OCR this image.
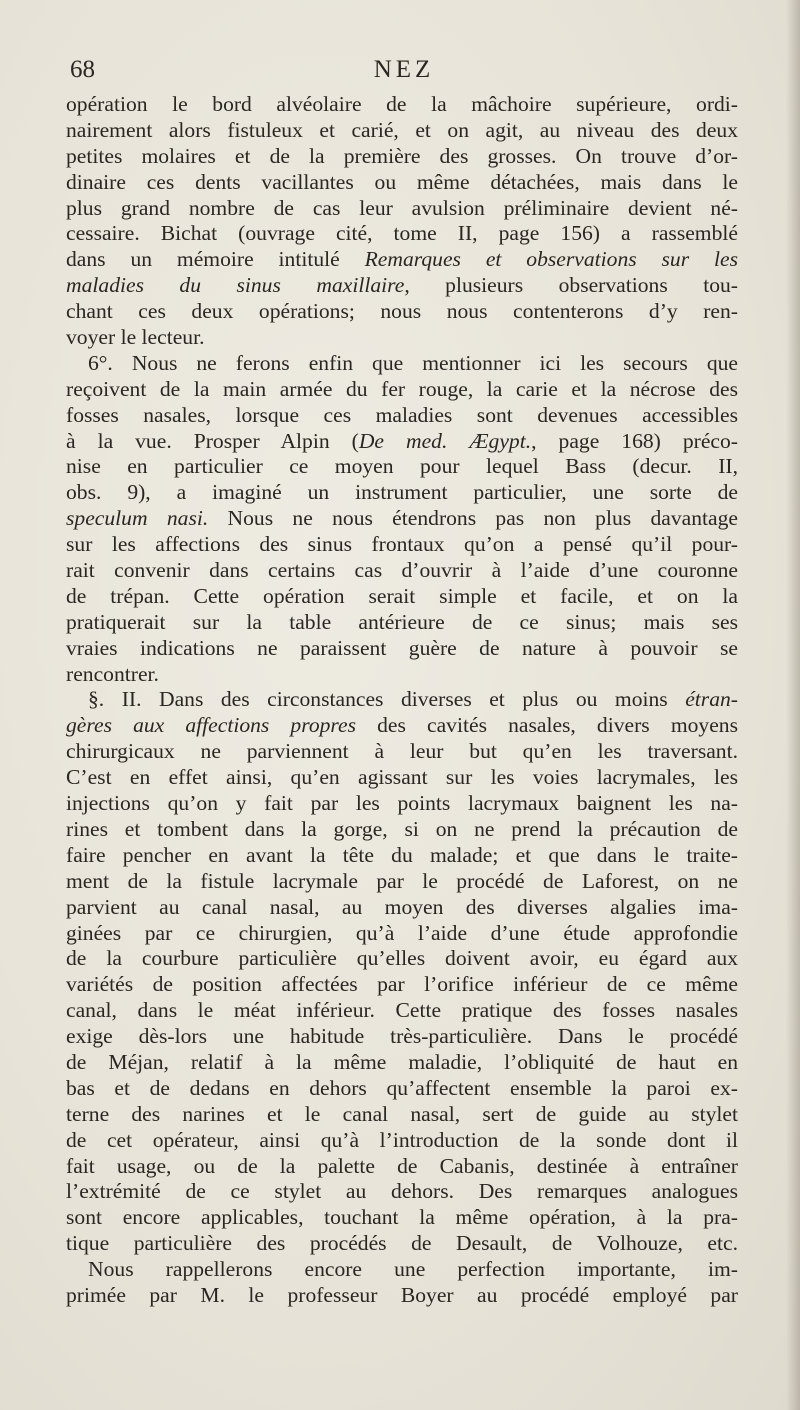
68	NEZ
opération le bord alvéolaire de la mâchoire supérieure, ordi-
nairement alors fistuleux et carié, et on agit, au niveau des deux
petites molaires et de la première des grosses. On trouve d’or-
dinaire ces dents vacillantes ou même détachées, mais dans le
plus grand nombre de cas leur avulsion préliminaire devient né-
cessaire. Bichat (ouvrage cité, tome II, page 156) a rassemblé
dans un mémoire intitulé Remarques et observations sur les
maladies du sinus maxillaire, plusieurs observations tou-
chant ces deux opérations; nous nous contenterons d’y ren-
voyer le lecteur.
6°. Nous ne ferons enfin que mentionner ici les secours que
reçoivent de la main armée du fer rouge, la carie et la nécrose des
fosses nasales, lorsque ces maladies sont devenues accessibles
à la vue. Prosper Alpin (De med. Ægypt., page 168) préco-
nise en particulier ce moyen pour lequel Bass (decur. II,
obs. 9), a imaginé un instrument particulier, une sorte de
speculum nasi. Nous ne nous étendrons pas non plus davantage
sur les affections des sinus frontaux qu’on a pensé qu’il pour-
rait convenir dans certains cas d’ouvrir à l’aide d’une couronne
de trépan. Cette opération serait simple et facile, et on la
pratiquerait sur la table antérieure de ce sinus; mais ses
vraies indications ne paraissent guère de nature à pouvoir se
rencontrer.
§. II. Dans des circonstances diverses et plus ou moins étran-
gères aux affections propres des cavités nasales, divers moyens
chirurgicaux ne parviennent à leur but qu’en les traversant.
C’est en effet ainsi, qu’en agissant sur les voies lacrymales, les
injections qu’on y fait par les points lacrymaux baignent les na-
rines et tombent dans la gorge, si on ne prend la précaution de
faire pencher en avant la tête du malade; et que dans le traite-
ment de la fistule lacrymale par le procédé de Laforest, on ne
parvient au canal nasal, au moyen des diverses algalies ima-
ginées par ce chirurgien, qu’à l’aide d’une étude approfondie
de la courbure particulière qu’elles doivent avoir, eu égard aux
variétés de position affectées par l’orifice inférieur de ce même
canal, dans le méat inférieur. Cette pratique des fosses nasales
exige dès-lors une habitude très-particulière. Dans le procédé
de Méjan, relatif à la même maladie, l’obliquité de haut en
bas et de dedans en dehors qu’affectent ensemble la paroi ex-
terne des narines et le canal nasal, sert de guide au stylet
de cet opérateur, ainsi qu’à l’introduction de la sonde dont il
fait usage, ou de la palette de Cabanis, destinée à entraîner
l’extrémité de ce stylet au dehors. Des remarques analogues
sont encore applicables, touchant la même opération, à la pra-
tique particulière des procédés de Desault, de Volhouze, etc.
Nous rappellerons encore une perfection importante, im-
primée par M. le professeur Boyer au procédé employé par
